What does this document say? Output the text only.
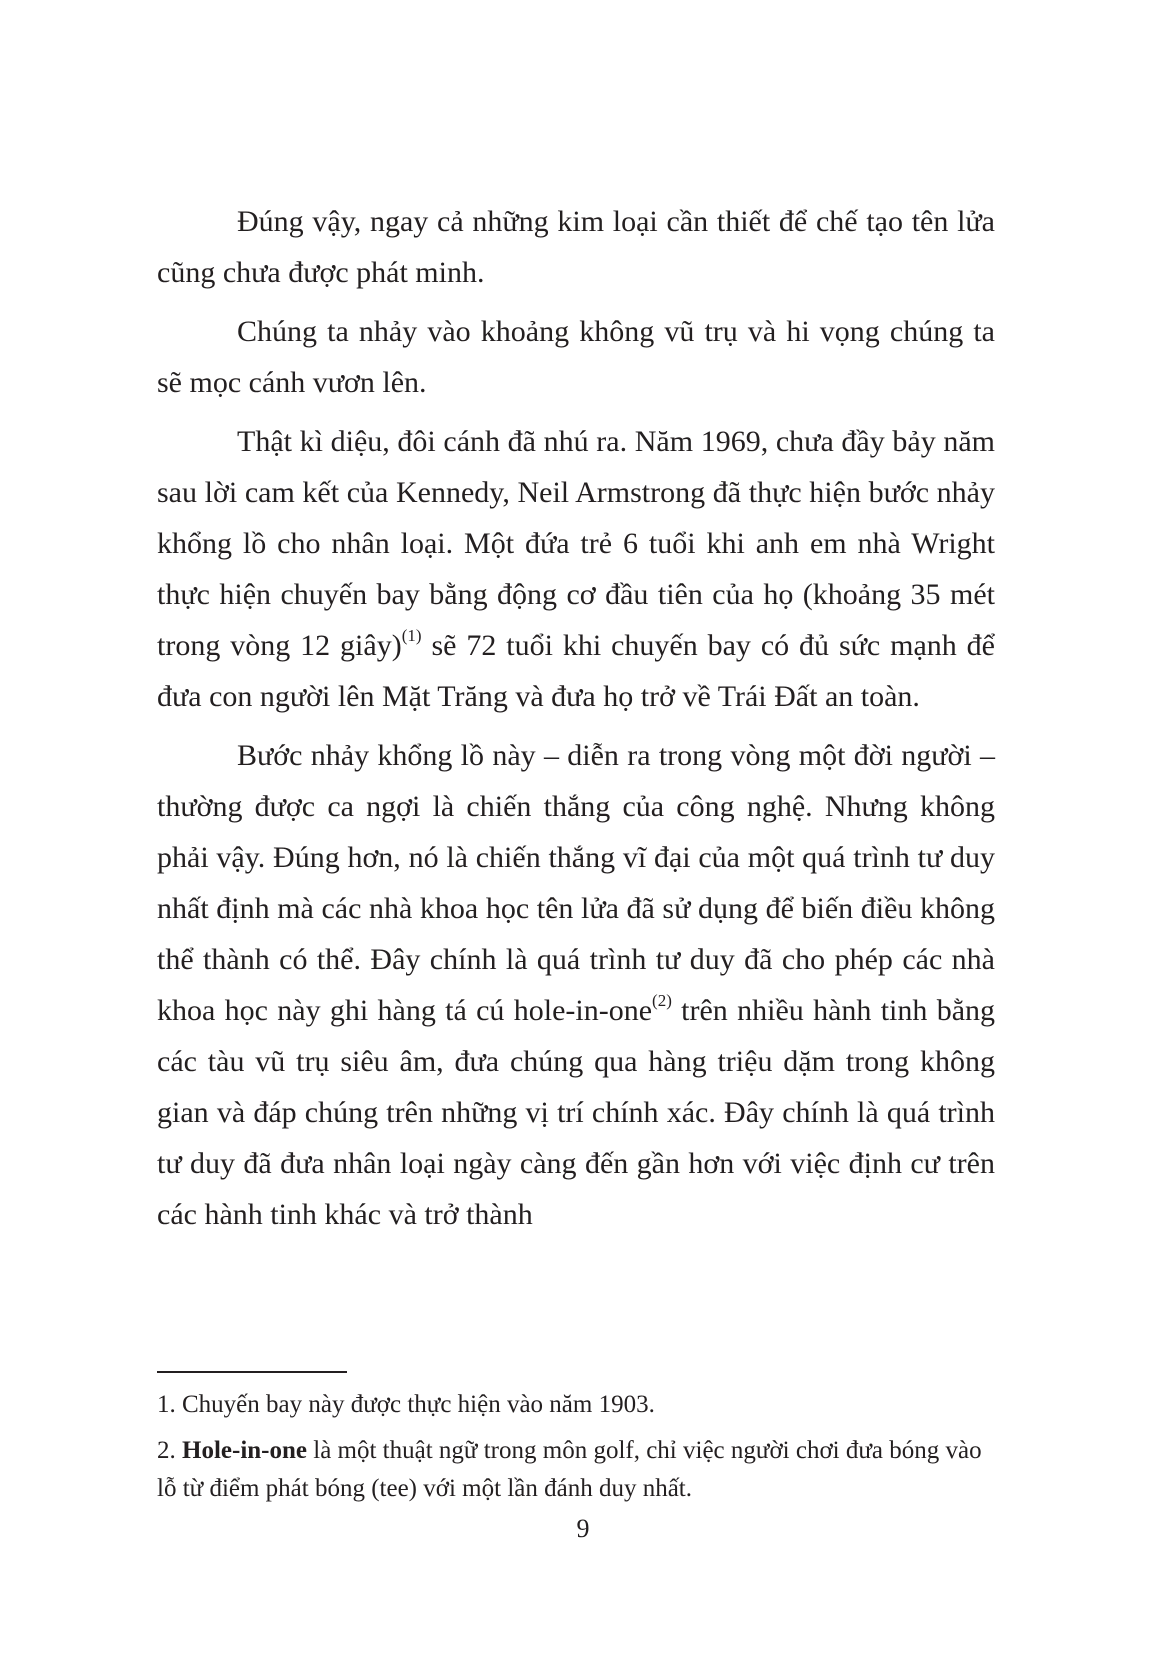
Đúng vậy, ngay cả những kim loại cần thiết để chế tạo tên lửa cũng chưa được phát minh.

Chúng ta nhảy vào khoảng không vũ trụ và hi vọng chúng ta sẽ mọc cánh vươn lên.

Thật kì diệu, đôi cánh đã nhú ra. Năm 1969, chưa đầy bảy năm sau lời cam kết của Kennedy, Neil Armstrong đã thực hiện bước nhảy khổng lồ cho nhân loại. Một đứa trẻ 6 tuổi khi anh em nhà Wright thực hiện chuyến bay bằng động cơ đầu tiên của họ (khoảng 35 mét trong vòng 12 giây)$^{(1)}$ sẽ 72 tuổi khi chuyến bay có đủ sức mạnh để đưa con người lên Mặt Trăng và đưa họ trở về Trái Đất an toàn.

Bước nhảy khổng lồ này – diễn ra trong vòng một đời người – thường được ca ngợi là chiến thắng của công nghệ. Nhưng không phải vậy. Đúng hơn, nó là chiến thắng vĩ đại của một quá trình tư duy nhất định mà các nhà khoa học tên lửa đã sử dụng để biến điều không thể thành có thể. Đây chính là quá trình tư duy đã cho phép các nhà khoa học này ghi hàng tá cú hole-in-one$^{(2)}$ trên nhiều hành tinh bằng các tàu vũ trụ siêu âm, đưa chúng qua hàng triệu dặm trong không gian và đáp chúng trên những vị trí chính xác. Đây chính là quá trình tư duy đã đưa nhân loại ngày càng đến gần hơn với việc định cư trên các hành tinh khác và trở thành

1. Chuyến bay này được thực hiện vào năm 1903.

2. Hole-in-one là một thuật ngữ trong môn golf, chỉ việc người chơi đưa bóng vào lỗ từ điểm phát bóng (tee) với một lần đánh duy nhất.

9
